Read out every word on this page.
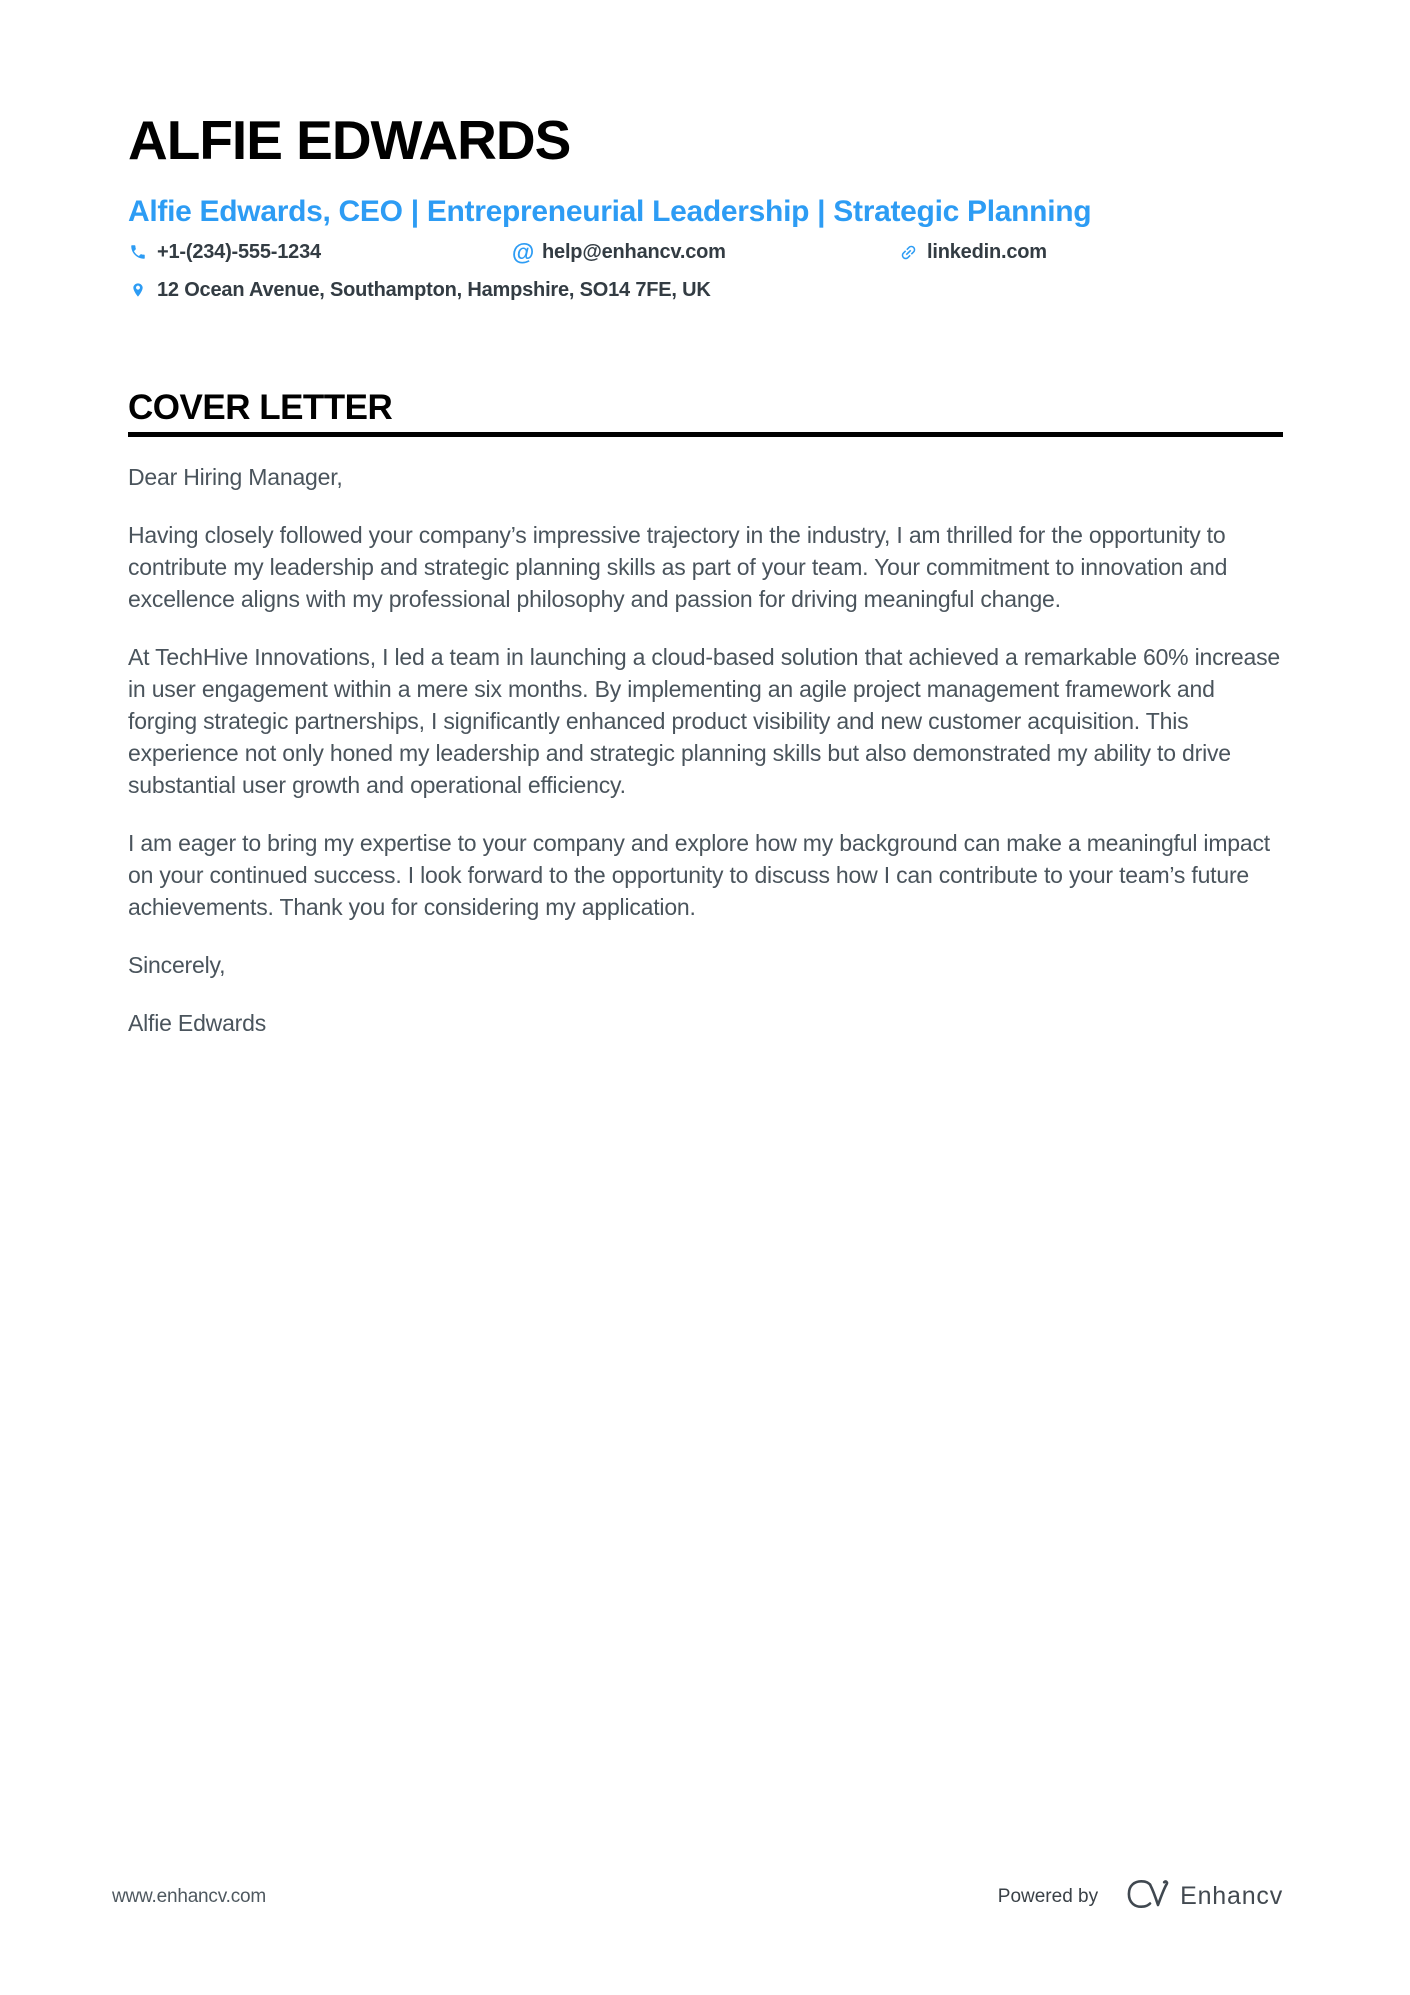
ALFIE EDWARDS
Alfie Edwards, CEO | Entrepreneurial Leadership | Strategic Planning
+1-(234)-555-1234	@ help@enhancv.com	linkedin.com
12 Ocean Avenue, Southampton, Hampshire, SO14 7FE, UK
COVER LETTER

Dear Hiring Manager,

Having closely followed your company’s impressive trajectory in the industry, I am thrilled for the opportunity to contribute my leadership and strategic planning skills as part of your team. Your commitment to innovation and excellence aligns with my professional philosophy and passion for driving meaningful change.

At TechHive Innovations, I led a team in launching a cloud-based solution that achieved a remarkable 60% increase in user engagement within a mere six months. By implementing an agile project management framework and forging strategic partnerships, I significantly enhanced product visibility and new customer acquisition. This experience not only honed my leadership and strategic planning skills but also demonstrated my ability to drive substantial user growth and operational efficiency.

I am eager to bring my expertise to your company and explore how my background can make a meaningful impact on your continued success. I look forward to the opportunity to discuss how I can contribute to your team’s future achievements. Thank you for considering my application.

Sincerely,

Alfie Edwards

www.enhancv.com	Powered by	Enhancv
